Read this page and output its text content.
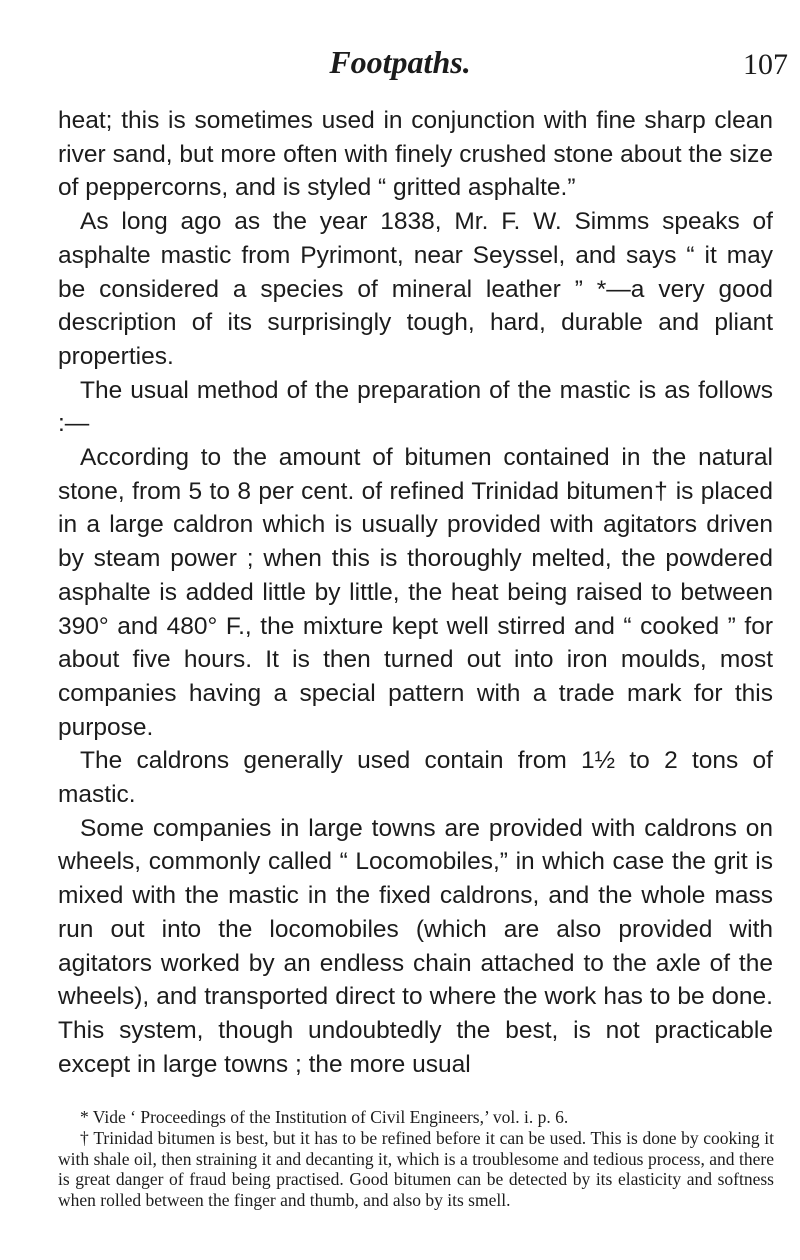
Footpaths.	107

heat; this is sometimes used in conjunction with fine sharp clean river sand, but more often with finely crushed stone about the size of peppercorns, and is styled “ gritted asphalte.”

As long ago as the year 1838, Mr. F. W. Simms speaks of asphalte mastic from Pyrimont, near Seyssel, and says “ it may be considered a species of mineral leather ” *—a very good description of its surprisingly tough, hard, durable and pliant properties.

The usual method of the preparation of the mastic is as follows :—

According to the amount of bitumen contained in the natural stone, from 5 to 8 per cent. of refined Trinidad bitumen† is placed in a large caldron which is usually provided with agitators driven by steam power ; when this is thoroughly melted, the powdered asphalte is added little by little, the heat being raised to between 390° and 480° F., the mixture kept well stirred and “ cooked ” for about five hours. It is then turned out into iron moulds, most companies having a special pattern with a trade mark for this purpose.

The caldrons generally used contain from 1½ to 2 tons of mastic.

Some companies in large towns are provided with caldrons on wheels, commonly called “ Locomobiles,” in which case the grit is mixed with the mastic in the fixed caldrons, and the whole mass run out into the locomobiles (which are also provided with agitators worked by an endless chain attached to the axle of the wheels), and transported direct to where the work has to be done. This system, though undoubtedly the best, is not practicable except in large towns ; the more usual

* Vide ‘ Proceedings of the Institution of Civil Engineers,’ vol. i. p. 6.

† Trinidad bitumen is best, but it has to be refined before it can be used. This is done by cooking it with shale oil, then straining it and decanting it, which is a troublesome and tedious process, and there is great danger of fraud being practised. Good bitumen can be detected by its elasticity and softness when rolled between the finger and thumb, and also by its smell.
